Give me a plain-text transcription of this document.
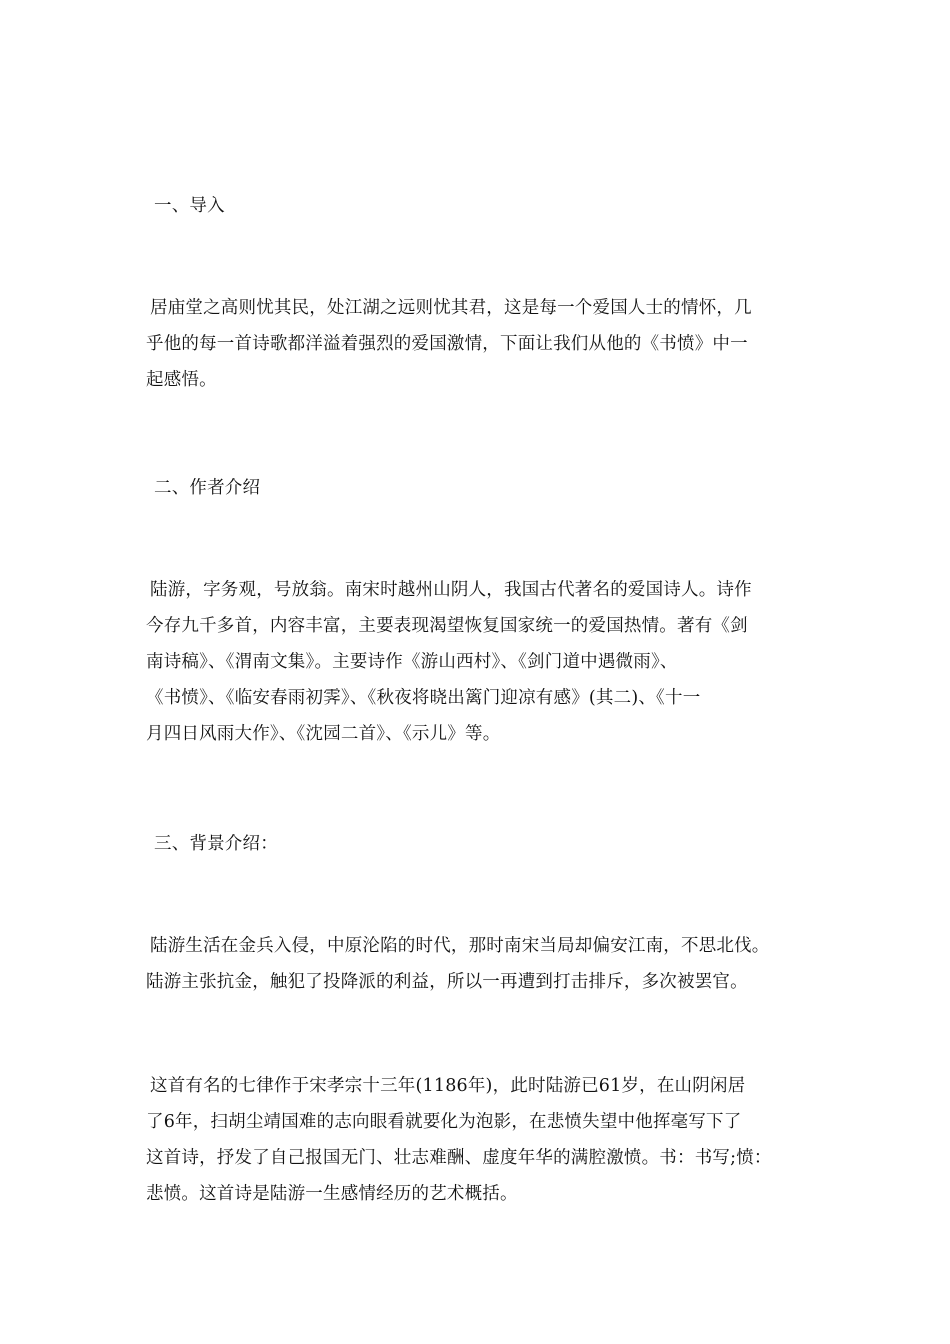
一、导入
居庙堂之高则忧其民，处江湖之远则忧其君，这是每一个爱国人士的情怀，几
乎他的每一首诗歌都洋溢着强烈的爱国激情，下面让我们从他的《书愤》中一
起感悟。
二、作者介绍
陆游，字务观，号放翁。南宋时越州山阴人，我国古代著名的爱国诗人。诗作
今存九千多首，内容丰富，主要表现渴望恢复国家统一的爱国热情。著有《剑
南诗稿》、《渭南文集》。主要诗作《游山西村》、《剑门道中遇微雨》、
《书愤》、《临安春雨初霁》、《秋夜将晓出篱门迎凉有感》(其二)、《十一
月四日风雨大作》、《沈园二首》、《示儿》等。
三、背景介绍：
陆游生活在金兵入侵，中原沦陷的时代，那时南宋当局却偏安江南，不思北伐。
陆游主张抗金，触犯了投降派的利益，所以一再遭到打击排斥，多次被罢官。
这首有名的七律作于宋孝宗十三年(1186年)，此时陆游已61岁，在山阴闲居
了6年，扫胡尘靖国难的志向眼看就要化为泡影，在悲愤失望中他挥毫写下了
这首诗，抒发了自己报国无门、壮志难酬、虚度年华的满腔激愤。书：书写;愤：
悲愤。这首诗是陆游一生感情经历的艺术概括。
